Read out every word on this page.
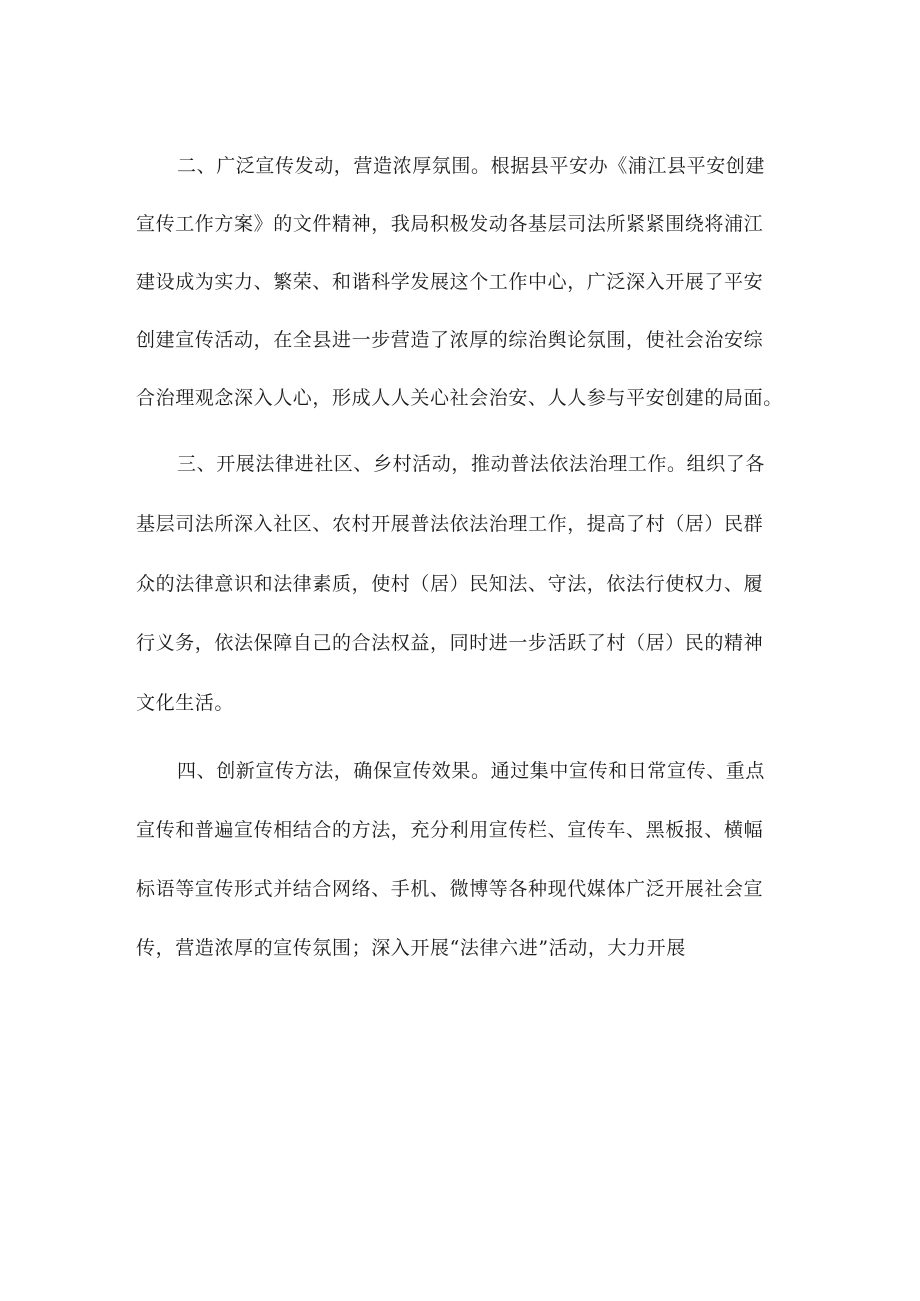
二、广泛宣传发动，营造浓厚氛围。根据县平安办《浦江县平安创建
宣传工作方案》的文件精神，我局积极发动各基层司法所紧紧围绕将浦江
建设成为实力、繁荣、和谐科学发展这个工作中心，广泛深入开展了平安
创建宣传活动，在全县进一步营造了浓厚的综治舆论氛围，使社会治安综
合治理观念深入人心，形成人人关心社会治安、人人参与平安创建的局面。
三、开展法律进社区、乡村活动，推动普法依法治理工作。组织了各
基层司法所深入社区、农村开展普法依法治理工作，提高了村（居）民群
众的法律意识和法律素质，使村（居）民知法、守法，依法行使权力、履
行义务，依法保障自己的合法权益，同时进一步活跃了村（居）民的精神
文化生活。
四、创新宣传方法，确保宣传效果。通过集中宣传和日常宣传、重点
宣传和普遍宣传相结合的方法，充分利用宣传栏、宣传车、黑板报、横幅
标语等宣传形式并结合网络、手机、微博等各种现代媒体广泛开展社会宣
传，营造浓厚的宣传氛围；深入开展“法律六进”活动，大力开展
